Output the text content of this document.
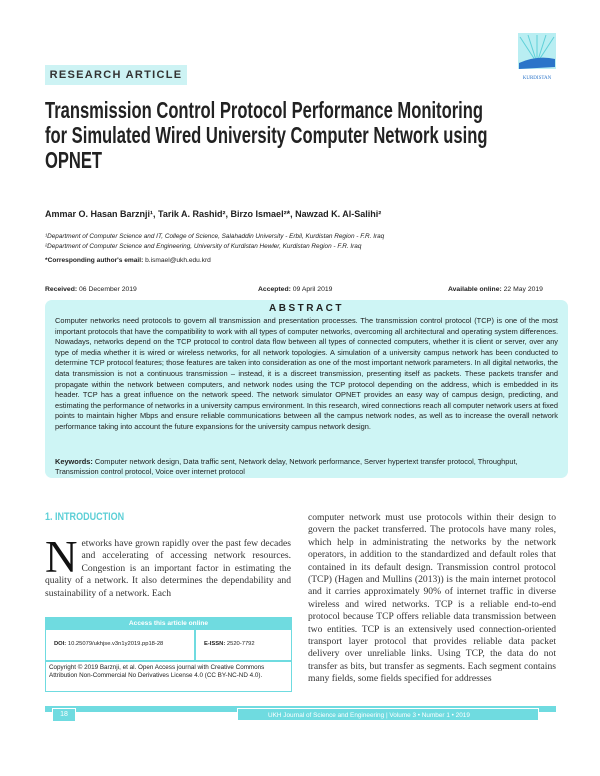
RESEARCH ARTICLE	KURDISTAN
Transmission Control Protocol Performance Monitoring
for Simulated Wired University Computer Network using
OPNET
Ammar O. Hasan Barznji¹, Tarik A. Rashid², Birzo Ismael²*, Nawzad K. Al-Salihi²
¹Department of Computer Science and IT, College of Science, Salahaddin University - Erbil, Kurdistan Region - F.R. Iraq
²Department of Computer Science and Engineering, University of Kurdistan Hewler, Kurdistan Region - F.R. Iraq
*Corresponding author's email: b.ismael@ukh.edu.krd
Received: 06 December 2019	Accepted: 09 April 2019	Available online: 22 May 2019
ABSTRACT
Computer networks need protocols to govern all transmission and presentation processes. The transmission control protocol (TCP) is one of the most important protocols that have the compatibility to work with all types of computer networks, overcoming all architectural and operating system differences. Nowadays, networks depend on the TCP protocol to control data flow between all types of connected computers, whether it is client or server, over any type of media whether it is wired or wireless networks, for all network topologies. A simulation of a university campus network has been conducted to determine TCP protocol features; those features are taken into consideration as one of the most important network parameters. In all digital networks, the data transmission is not a continuous transmission – instead, it is a discreet transmission, presenting itself as packets. These packets transfer and propagate within the network between computers, and network nodes using the TCP protocol depending on the address, which is embedded in its header. TCP has a great influence on the network speed. The network simulator OPNET provides an easy way of campus design, predicting, and estimating the performance of networks in a university campus environment. In this research, wired connections reach all computer network users at fixed points to maintain higher Mbps and ensure reliable communications between all the campus network nodes, as well as to increase the overall network performance taking into account the future expansions for the university campus network design.
Keywords: Computer network design, Data traffic sent, Network delay, Network performance, Server hypertext transfer protocol, Throughput, Transmission control protocol, Voice over internet protocol
1. INTRODUCTION
Networks have grown rapidly over the past few decades and accelerating of accessing network resources. Congestion is an important factor in estimating the quality of a network. It also determines the dependability and sustainability of a network. Each
computer network must use protocols within their design to govern the packet transferred. The protocols have many roles, which help in administrating the networks by the network operators, in addition to the standardized and default roles that contained in its default design. Transmission control protocol (TCP) (Hagen and Mullins (2013)) is the main internet protocol and it carries approximately 90% of internet traffic in diverse wireless and wired networks. TCP is a reliable end-to-end protocol because TCP offers reliable data transmission between two entities. TCP is an extensively used connection-oriented transport layer protocol that provides reliable data packet delivery over unreliable links. Using TCP, the data do not transfer as bits, but transfer as segments. Each segment contains many fields, some fields specified for addresses
Access this article online
DOI: 10.25079/ukhjse.v3n1y2019.pp18-28	E-ISSN: 2520-7792
Copyright © 2019 Barznji, et al. Open Access journal with Creative Commons Attribution Non-Commercial No Derivatives License 4.0 (CC BY-NC-ND 4.0).
18	UKH Journal of Science and Engineering | Volume 3 • Number 1 • 2019
